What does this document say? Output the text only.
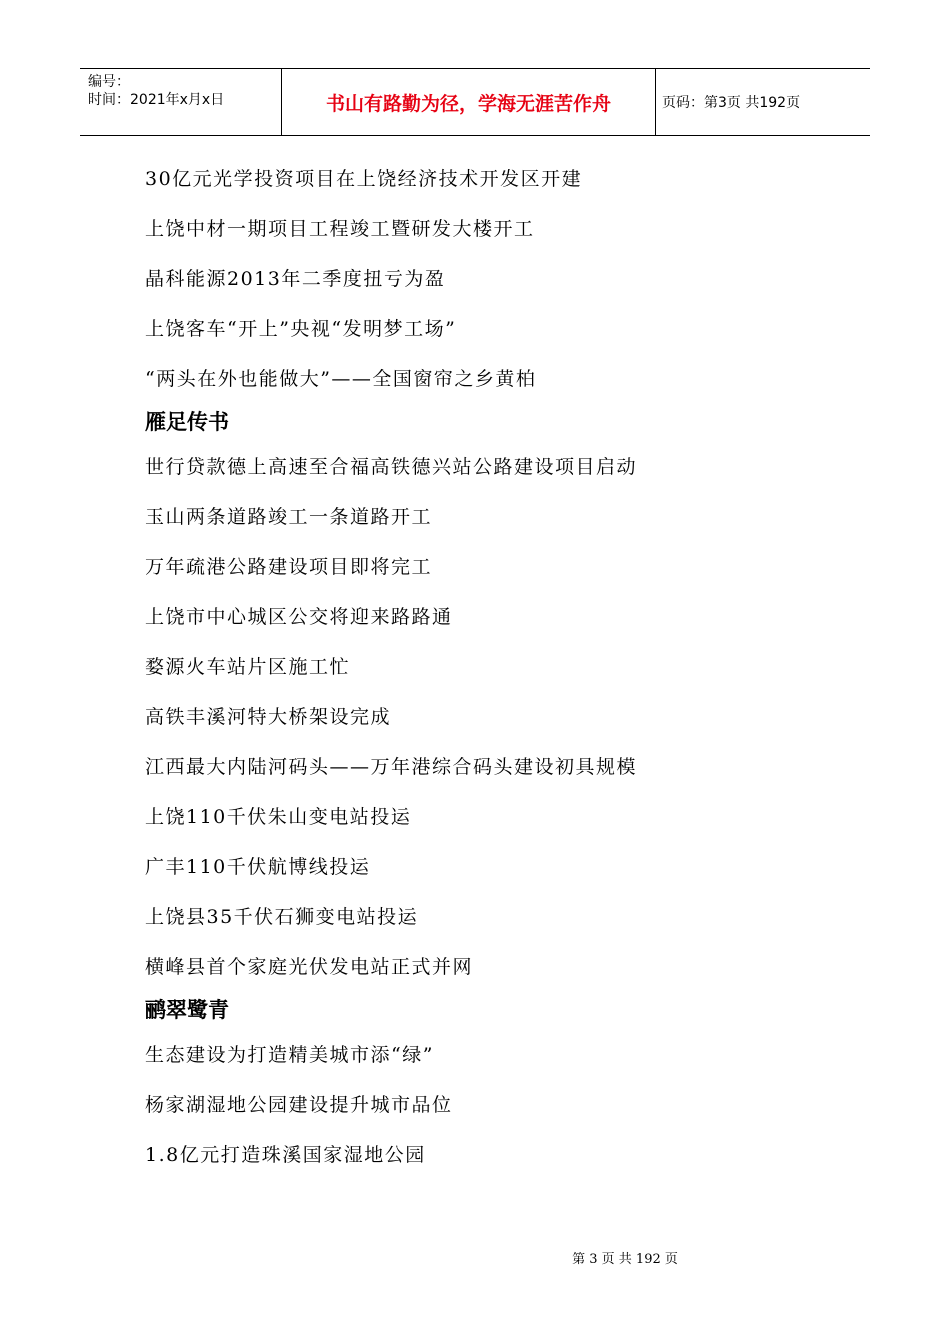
编号：
时间：2021年x月x日	书山有路勤为径，学海无涯苦作舟	页码：第3页 共192页
30亿元光学投资项目在上饶经济技术开发区开建
上饶中材一期项目工程竣工暨研发大楼开工
晶科能源2013年二季度扭亏为盈
上饶客车“开上”央视“发明梦工场”
“两头在外也能做大”——全国窗帘之乡黄柏
雁足传书
世行贷款德上高速至合福高铁德兴站公路建设项目启动
玉山两条道路竣工一条道路开工
万年疏港公路建设项目即将完工
上饶市中心城区公交将迎来路路通
婺源火车站片区施工忙
高铁丰溪河特大桥架设完成
江西最大内陆河码头——万年港综合码头建设初具规模
上饶110千伏朱山变电站投运
广丰110千伏航博线投运
上饶县35千伏石狮变电站投运
横峰县首个家庭光伏发电站正式并网
鹂翠鹭青
生态建设为打造精美城市添“绿”
杨家湖湿地公园建设提升城市品位
1.8亿元打造珠溪国家湿地公园
第 3 页 共 192 页
